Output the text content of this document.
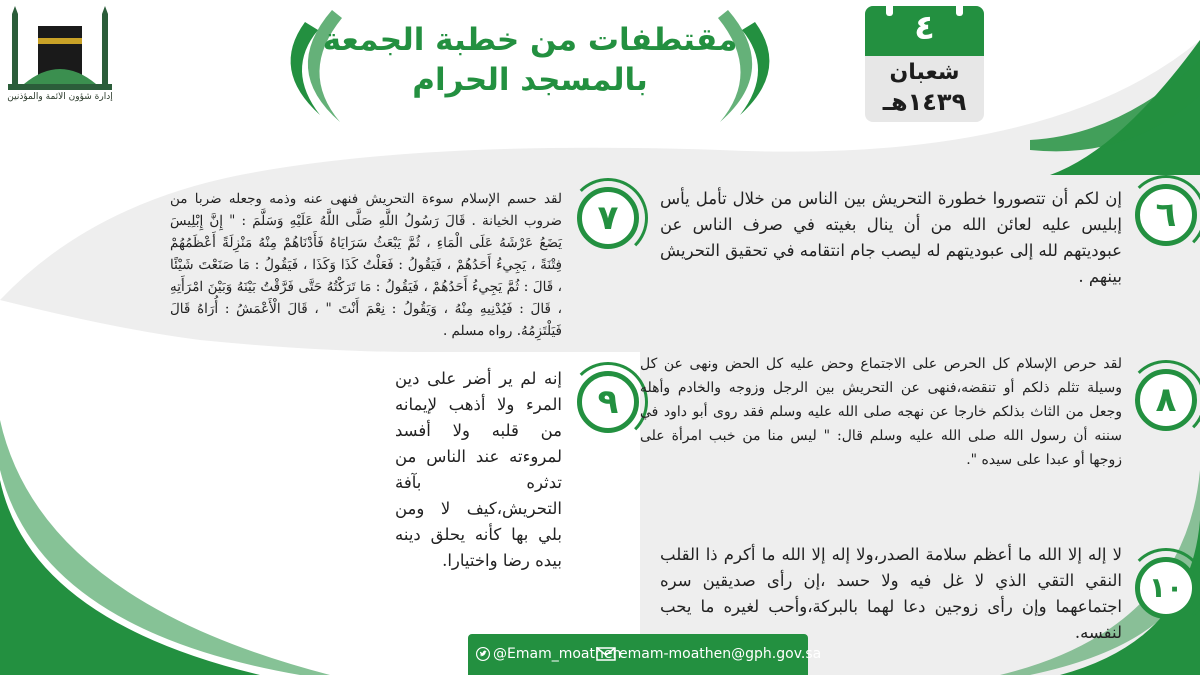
إدارة شؤون الأئمة والمؤذنين
مقتطفات من خطبة الجمعة
بالمسجد الحرام
٤
شعبان
١٤٣٩هـ
٦
إن لكم أن تتصوروا خطورة التحريش بين الناس من خلال تأمل يأس إبليس عليه لعائن الله من أن ينال بغيته في صرف الناس عن عبوديتهم لله إلى عبوديتهم له ليصب جام انتقامه في تحقيق التحريش بينهم .
٧
لقد حسم الإسلام سوءة التحريش فنهى عنه وذمه وجعله ضربا من ضروب الخيانة . قَالَ رَسُولُ اللَّهِ صَلَّى اللَّهُ عَلَيْهِ وَسَلَّمَ : " إِنَّ إِبْلِيسَ يَضَعُ عَرْشَهُ عَلَى الْمَاءِ ، ثُمَّ يَبْعَثُ سَرَايَاهُ فَأَدْنَاهُمْ مِنْهُ مَنْزِلَةً أَعْظَمُهُمْ فِتْنَةً ، يَجِيءُ أَحَدُهُمْ ، فَيَقُولُ : فَعَلْتُ كَذَا وَكَذَا ، فَيَقُولُ : مَا صَنَعْتَ شَيْئًا ، قَالَ : ثُمَّ يَجِيءُ أَحَدُهُمْ ، فَيَقُولُ : مَا تَرَكْتُهُ حَتَّى فَرَّقْتُ بَيْنَهُ وَبَيْنَ امْرَأَتِهِ ، قَالَ : فَيُدْنِيهِ مِنْهُ ، وَيَقُولُ : نِعْمَ أَنْتَ " ، قَالَ الْأَعْمَشُ : أُرَاهُ قَالَ فَيَلْتَزِمُهُ. رواه مسلم .
٩
إنه لم ير أضر على دين المرء ولا أذهب لإيمانه من قلبه ولا أفسد لمروءته عند الناس من تدثره بآفة التحريش،كيف لا ومن بلي بها كأنه يحلق دينه بيده رضا واختيارا.
٨
لقد حرص الإسلام كل الحرص على الاجتماع وحض عليه كل الحض ونهى عن كل وسيلة تثلم ذلكم أو تنقضه،فنهى عن التحريش بين الرجل وزوجه والخادم وأهله وجعل من الثاث بذلكم خارجا عن نهجه صلى الله عليه وسلم فقد روى أبو داود في سننه أن رسول الله صلى الله عليه وسلم قال: " ليس منا من خبب امرأة على زوجها أو عبدا على سيده ".
١٠
لا إله إلا الله ما أعظم سلامة الصدر،ولا إله إلا الله ما أكرم ذا القلب النقي التقي الذي لا غل فيه ولا حسد ،إن رأى صديقين سره اجتماعهما وإن رأى زوجين دعا لهما بالبركة،وأحب لغيره ما يحب لنفسه.
@Emam_moathen
emam-moathen@gph.gov.sa
